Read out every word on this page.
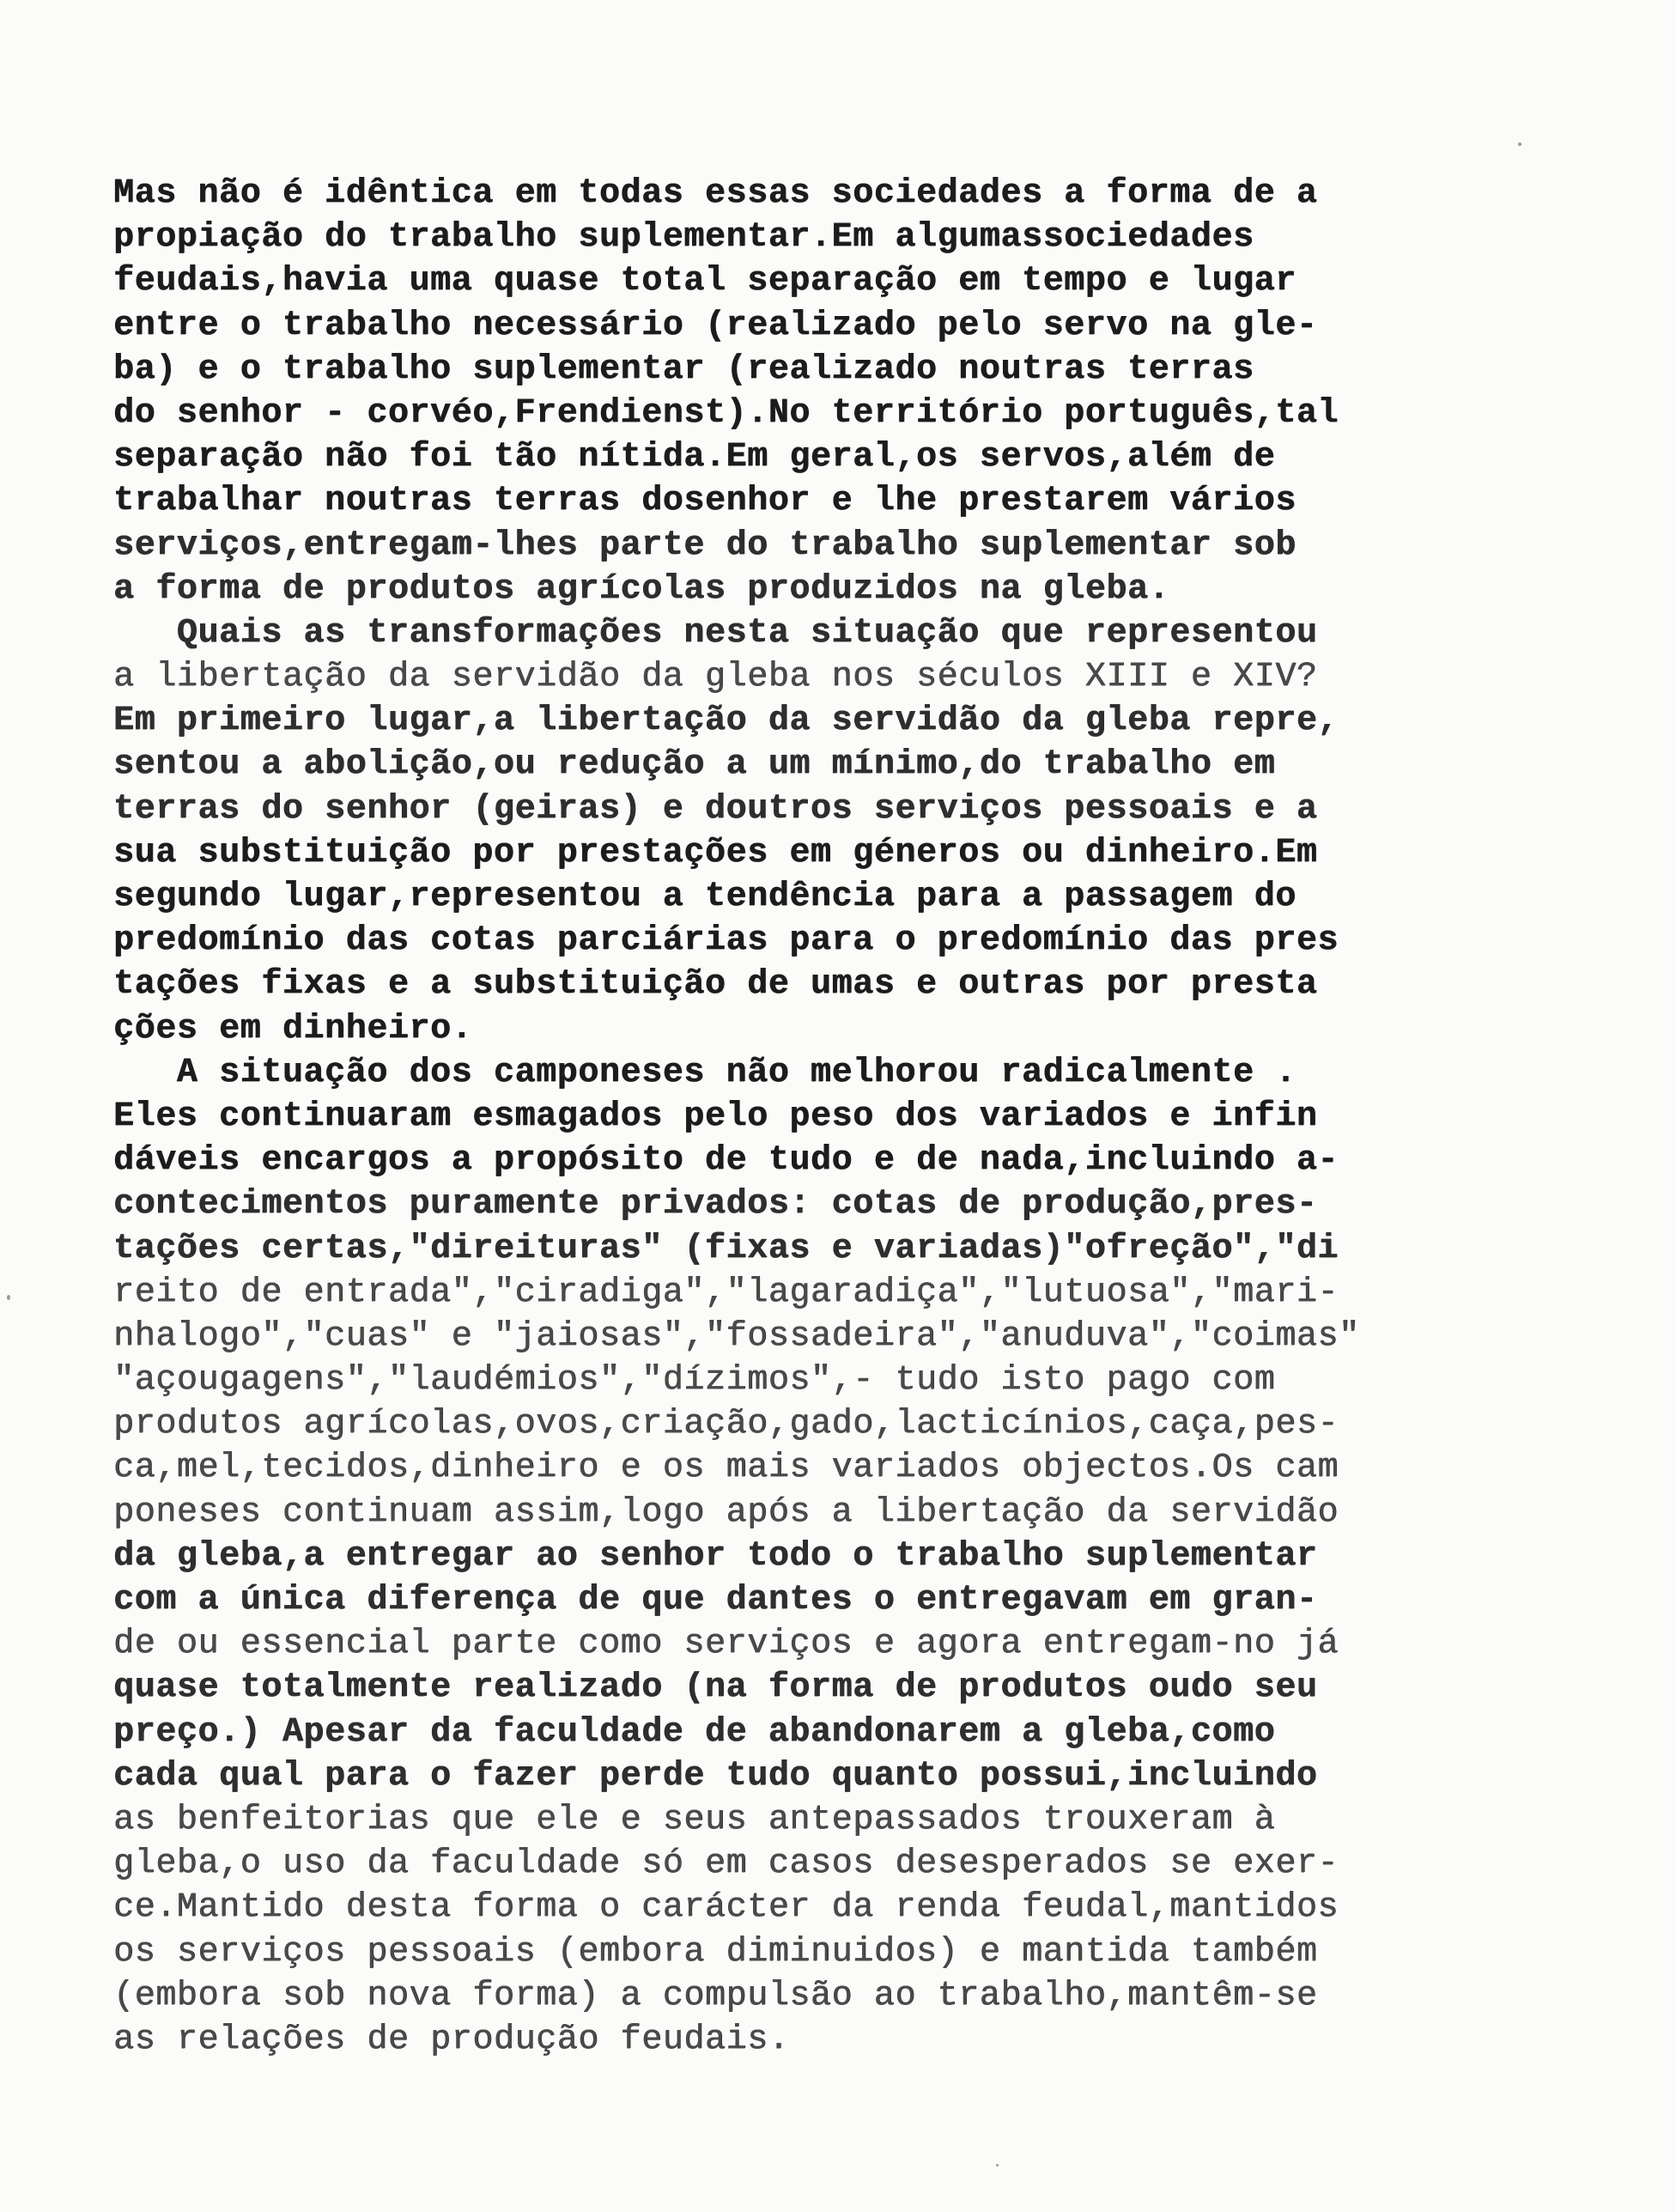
Mas não é idêntica em todas essas sociedades a forma de a
propiação do trabalho suplementar.Em algumassociedades
feudais,havia uma quase total separação em tempo e lugar
entre o trabalho necessário (realizado pelo servo na gle-
ba) e o trabalho suplementar (realizado noutras terras
do senhor - corvéo,Frendienst).No território português,tal
separação não foi tão nítida.Em geral,os servos,além de
trabalhar noutras terras dosenhor e lhe prestarem vários
serviços,entregam-lhes parte do trabalho suplementar sob
a forma de produtos agrícolas produzidos na gleba.
Quais as transformações nesta situação que representou
a libertação da servidão da gleba nos séculos XIII e XIV?
Em primeiro lugar,a libertação da servidão da gleba repre,
sentou a abolição,ou redução a um mínimo,do trabalho em
terras do senhor (geiras) e doutros serviços pessoais e a
sua substituição por prestações em géneros ou dinheiro.Em
segundo lugar,representou a tendência para a passagem do
predomínio das cotas parciárias para o predomínio das pres
tações fixas e a substituição de umas e outras por presta
ções em dinheiro.
A situação dos camponeses não melhorou radicalmente .
Eles continuaram esmagados pelo peso dos variados e infin
dáveis encargos a propósito de tudo e de nada,incluindo a-
contecimentos puramente privados: cotas de produção,pres-
tações certas,"direituras" (fixas e variadas)"ofreção","di
reito de entrada","ciradiga","lagaradiça","lutuosa","mari-
nhalogo","cuas" e "jaiosas","fossadeira","anuduva","coimas"
"açougagens","laudémios","dízimos",- tudo isto pago com
produtos agrícolas,ovos,criação,gado,lacticínios,caça,pes-
ca,mel,tecidos,dinheiro e os mais variados objectos.Os cam
poneses continuam assim,logo após a libertação da servidão
da gleba,a entregar ao senhor todo o trabalho suplementar
com a única diferença de que dantes o entregavam em gran-
de ou essencial parte como serviços e agora entregam-no já
quase totalmente realizado (na forma de produtos oudo seu
preço.) Apesar da faculdade de abandonarem a gleba,como
cada qual para o fazer perde tudo quanto possui,incluindo
as benfeitorias que ele e seus antepassados trouxeram à
gleba,o uso da faculdade só em casos desesperados se exer-
ce.Mantido desta forma o carácter da renda feudal,mantidos
os serviços pessoais (embora diminuidos) e mantida também
(embora sob nova forma) a compulsão ao trabalho,mantêm-se
as relações de produção feudais.
